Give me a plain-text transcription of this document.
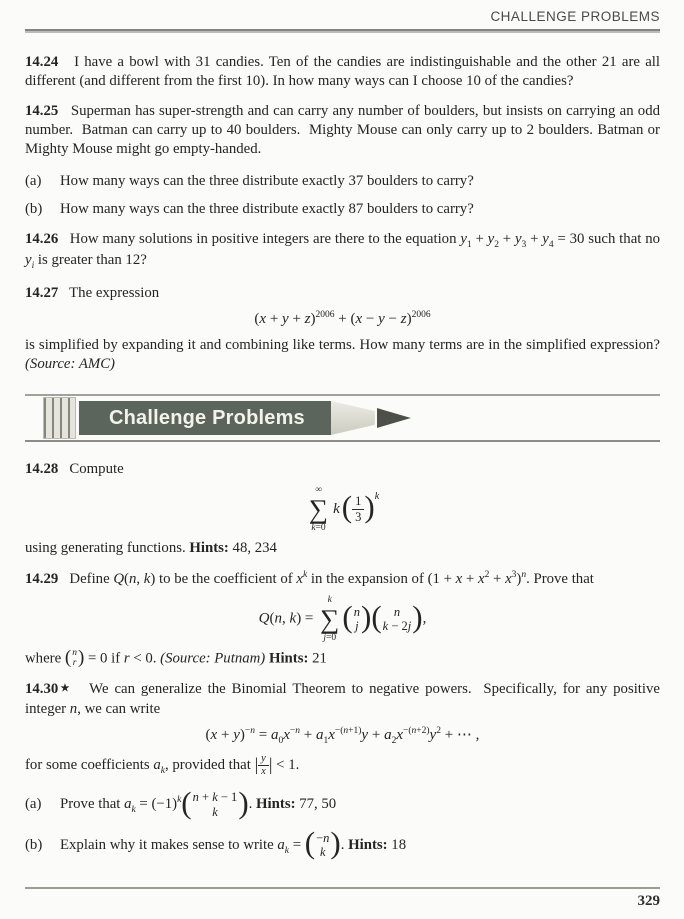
CHALLENGE PROBLEMS

14.24   I have a bowl with 31 candies. Ten of the candies are indistinguishable and the other 21 are all different (and different from the first 10). In how many ways can I choose 10 of the candies?

14.25   Superman has super-strength and can carry any number of boulders, but insists on carrying an odd number.  Batman can carry up to 40 boulders.  Mighty Mouse can only carry up to 2 boulders. Batman or Mighty Mouse might go empty-handed.

(a)	How many ways can the three distribute exactly 37 boulders to carry?
(b)	How many ways can the three distribute exactly 87 boulders to carry?

14.26   How many solutions in positive integers are there to the equation $y_1 + y_2 + y_3 + y_4 = 30$ such that no $y_i$ is greater than 12?

14.27   The expression

$(x + y + z)^{2006} + (x - y - z)^{2006}$

is simplified by expanding it and combining like terms. How many terms are in the simplified expression? (Source: AMC)

Challenge Problems

14.28   Compute

∞
∑
k=0
$k( \frac{1}{3} )^k$

using generating functions. Hints: 48, 234

14.29   Define Q(n, k) to be the coefficient of $x^k$ in the expansion of $(1 + x + x^2 + x^3)^n$. Prove that

Q(n, k) =
k
∑
j=0
( n
j )( n
k − 2j ),

where ( n
r ) = 0 if r < 0. (Source: Putnam) Hints: 21

14.30★   We can generalize the Binomial Theorem to negative powers.  Specifically, for any positive integer n, we can write

$(x + y)^{-n} = a_0x^{-n} + a_1x^{-(n+1)}y + a_2x^{-(n+2)}y^2$ + ⋯ ,

for some coefficients $a_k$, provided that | $\frac{y}{x}$ | < 1.

(a)	Prove that $a_k = (-1)^k$( n + k − 1
k ). Hints: 77, 50
(b)	Explain why it makes sense to write $a_k$ = ( −n
k ). Hints: 18
329
